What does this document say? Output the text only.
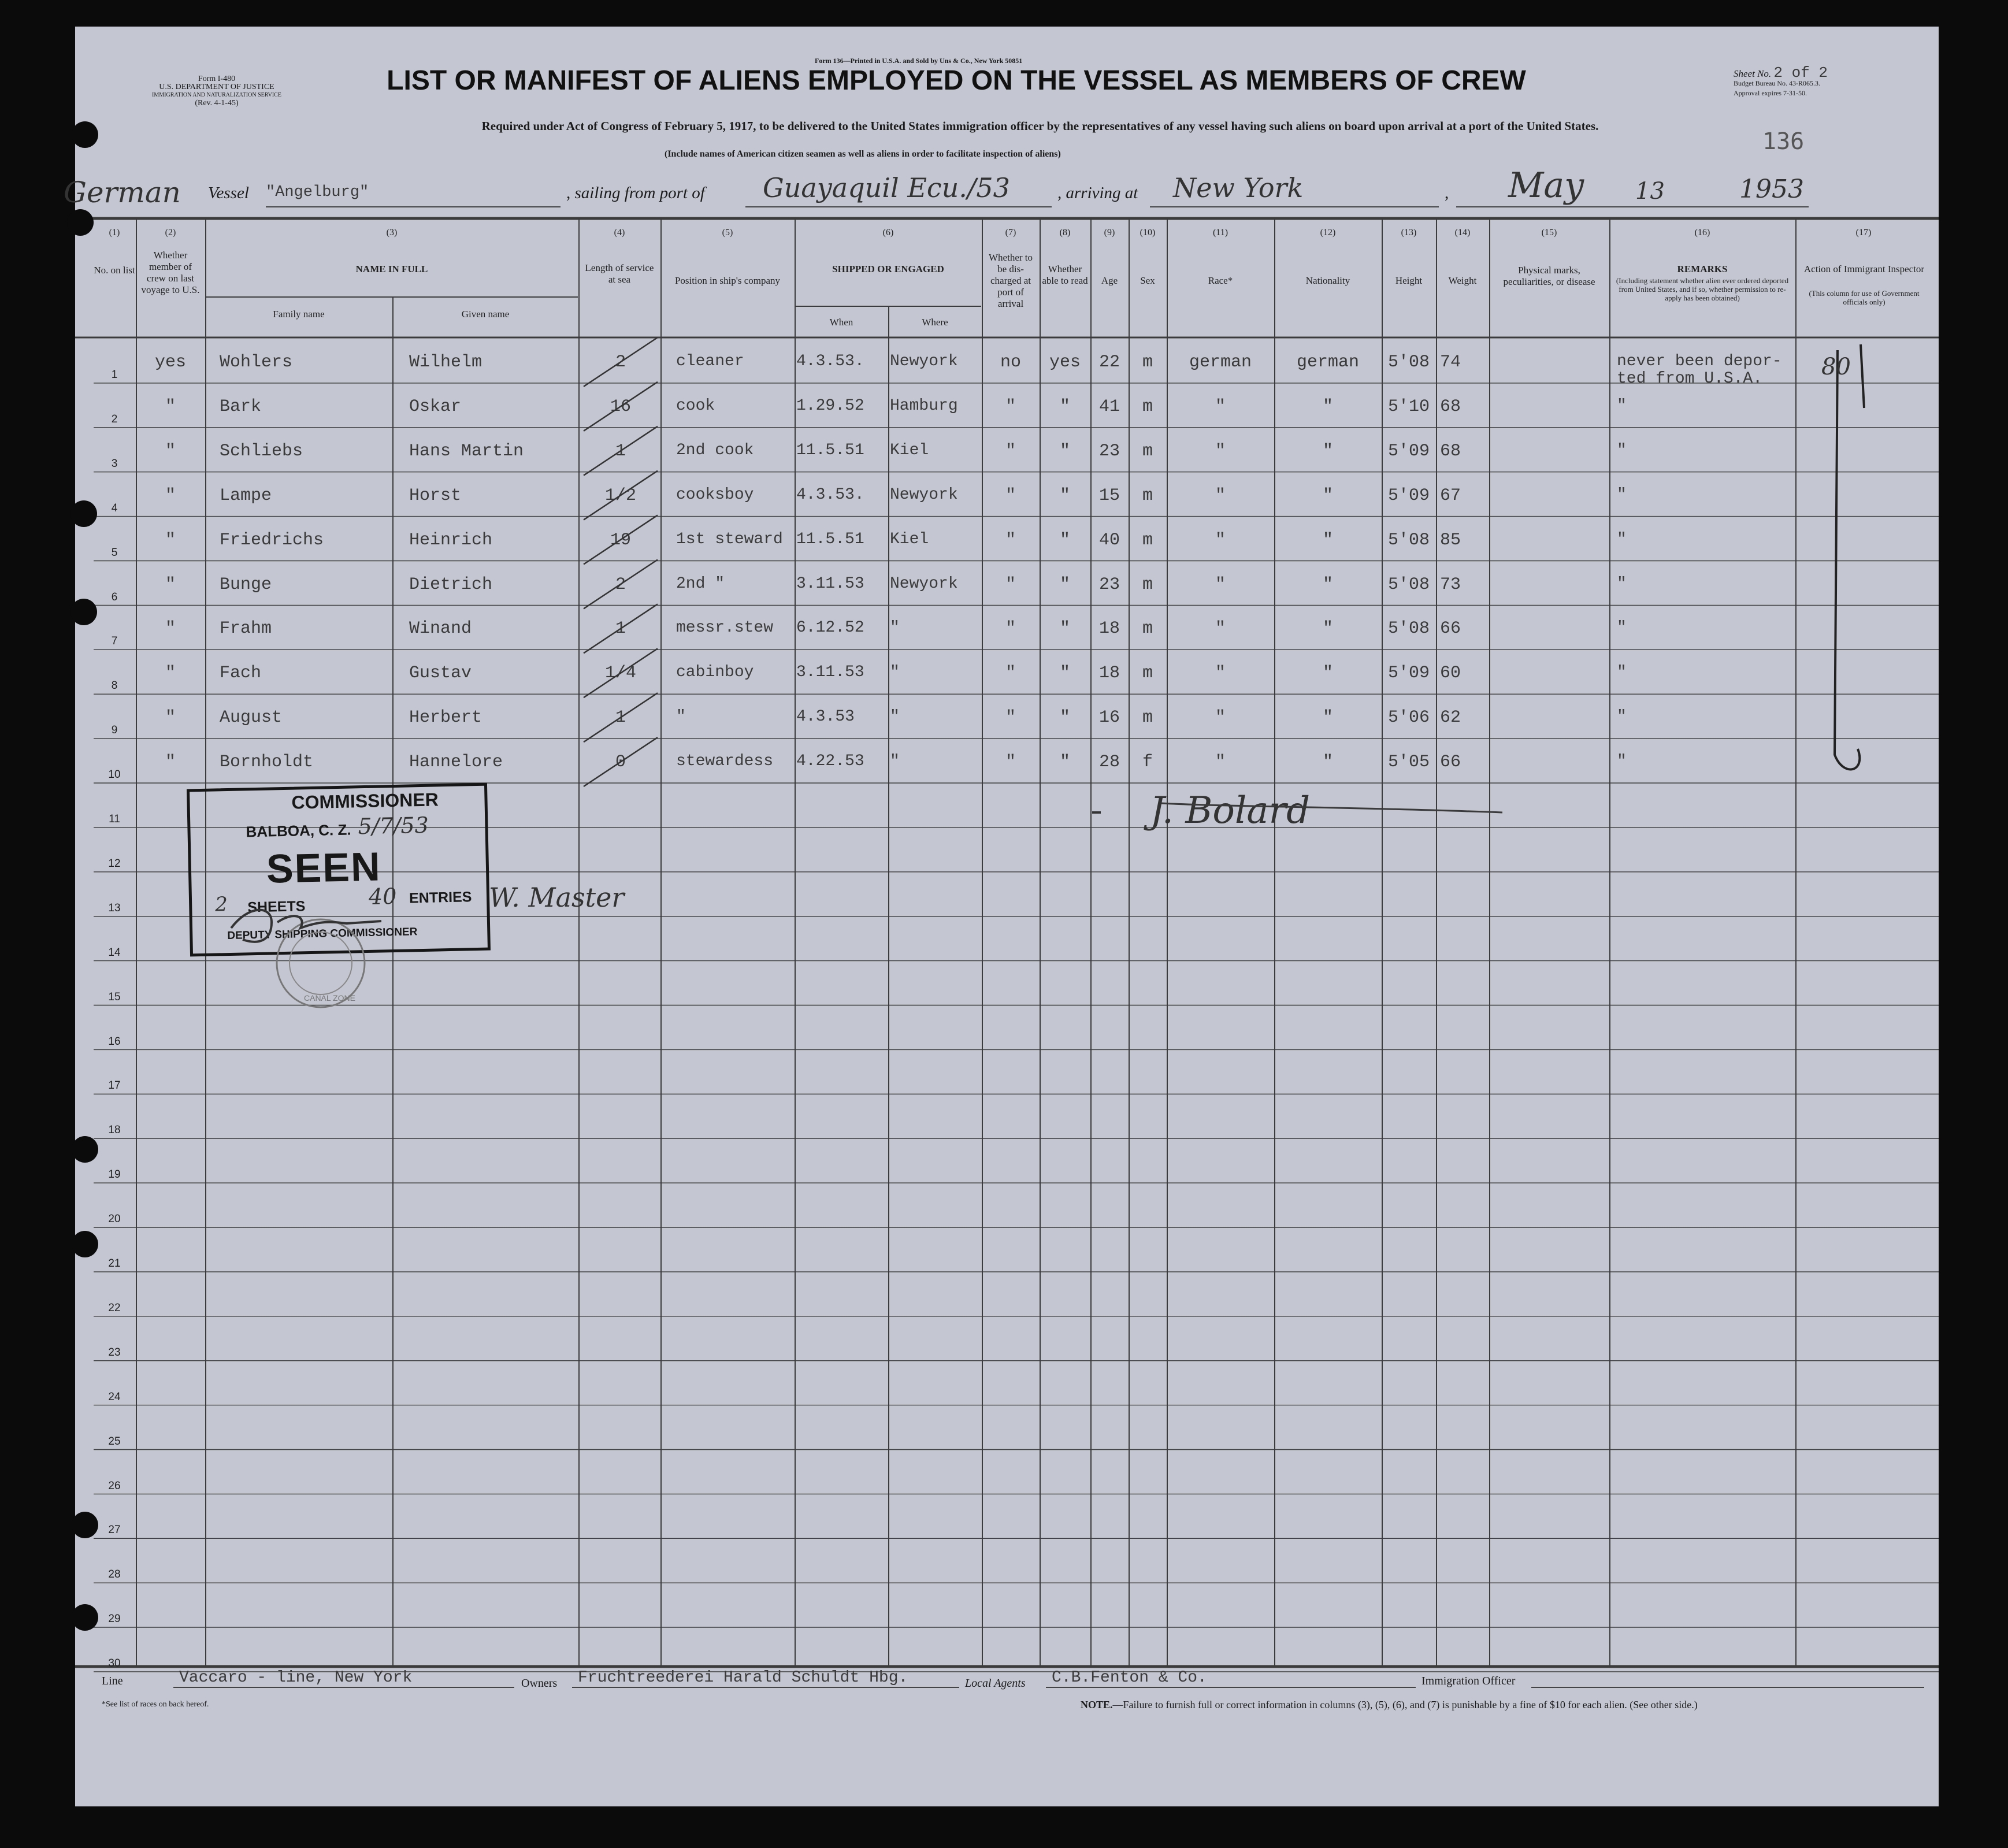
Form I-480
U.S. DEPARTMENT OF JUSTICE
IMMIGRATION AND NATURALIZATION SERVICE
(Rev. 4-1-45)
Form 136—Printed in U.S.A. and Sold by Uns & Co., New York 50851
LIST OR MANIFEST OF ALIENS EMPLOYED ON THE VESSEL AS MEMBERS OF CREW	Sheet No. 2 of 2
Budget Bureau No. 43-R065.3.
Approval expires 7-31-50.
Required under Act of Congress of February 5, 1917, to be delivered to the United States immigration officer by the representatives of any vessel having such aliens on board upon arrival at a port of the United States.
(Include names of American citizen seamen as well as aliens in order to facilitate inspection of aliens)	136
German Vessel "Angelburg"	, sailing from port of Guayaquil Ecu./53	, arriving at New York	, May 13	1953
(1)	(2)	(3)	(4)	(5)	(6)	(7)	(8)	(9)	(10)	(11)	(12)	(13)	(14)	(15)	(16)	(17)
No. on list
Whether member of crew on last voyage to U.S.
NAME IN FULL
Family name	Given name
Length of service at sea	Position in ship's company
SHIPPED OR ENGAGED
When	Where
Whether to be dis-charged at port of arrival
Whether able to read	Age	Sex	Race*	Nationality	Height	Weight
Physical marks, peculiarities, or disease
REMARKS
(Including statement whether alien ever ordered deported from United States, and if so, whether permission to re-apply has been obtained)
Action of Immigrant Inspector
(This column for use of Government officials only)
1
yes	Wohlers	Wilhelm	2	cleaner	4.3.53.	Newyork	no	yes	22	m	german	german	5'08 74	never been depor-
ted from U.S.A.
2
"	Bark	Oskar	16	cook	1.29.52	Hamburg	"	"	41	m	"	"	5'10 68	"
3
"	Schliebs	Hans Martin	1	2nd cook	11.5.51	Kiel	"	"	23	m	"	"	5'09 68	"
4
"	Lampe	Horst	1/2	cooksboy	4.3.53.	Newyork	"	"	15	m	"	"	5'09 67	"
5
"	Friedrichs	Heinrich	19	1st steward 11.5.51	Kiel	"	"	40	m	"	"	5'08 85	"
6
"	Bunge	Dietrich	2	2nd "	3.11.53	Newyork	"	"	23	m	"	"	5'08 73	"
7
"	Frahm	Winand	1	messr.stew	6.12.52	"	"	"	18	m	"	"	5'08 66	"
8
"	Fach	Gustav	1/4	cabinboy	3.11.53	"	"	"	18	m	"	"	5'09 60	"
9
"	August	Herbert	1	"	4.3.53	"	"	"	16	m	"	"	5'06 62	"
10
"	Bornholdt	Hannelore	0	stewardess	4.22.53	"	"	"	28	f	"	"	5'05 66	"
11
12
13
14
15
16
17
18
19
20
21
22
23
24
25
26
27
28
29
30
COMMISSIONER
BALBOA, C. Z. 5/7/53
SEEN
2 SHEETS	40 ENTRIES
DEPUTY SHIPPING COMMISSIONER
CANAL ZONE
W. Master
J. Bolard
80
Line	Vaccaro - line, New York	Owners Fruchtreederei Harald Schuldt Hbg.	Local Agents C.B.Fenton & Co.	Immigration Officer
*See list of races on back hereof.	NOTE.—Failure to furnish full or correct information in columns (3), (5), (6), and (7) is punishable by a fine of $10 for each alien. (See other side.)
